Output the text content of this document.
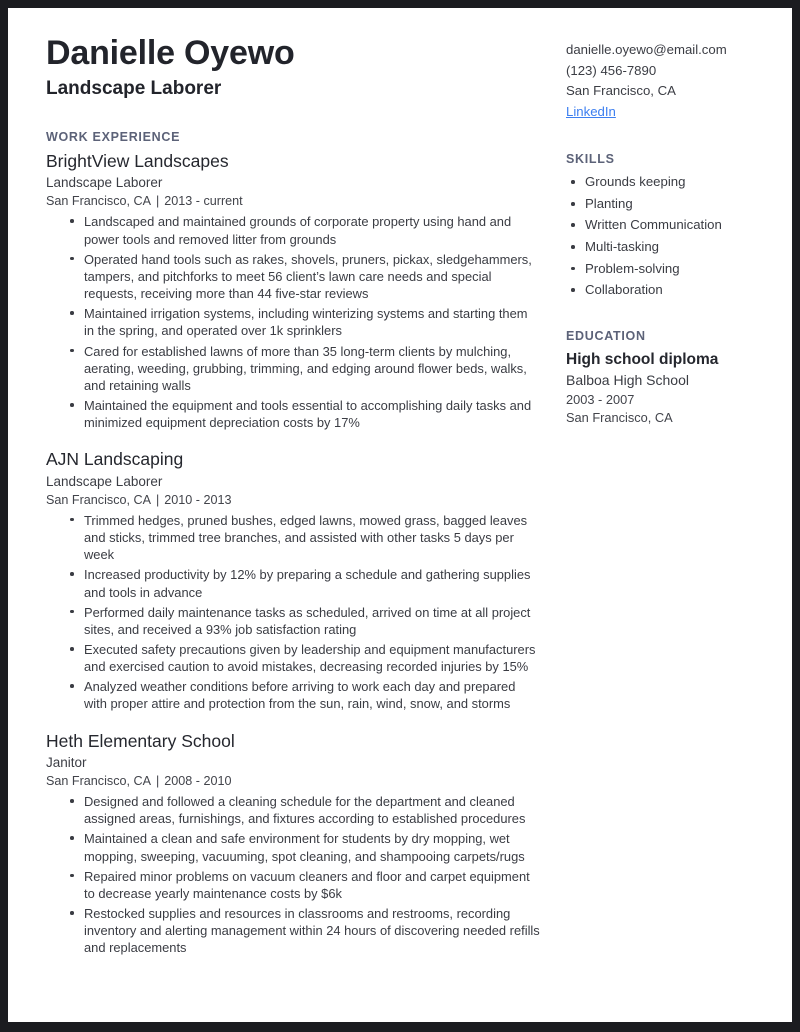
Danielle Oyewo
Landscape Laborer
WORK EXPERIENCE
BrightView Landscapes
Landscape Laborer
San Francisco, CA | 2013 - current
Landscaped and maintained grounds of corporate property using hand and power tools and removed litter from grounds
Operated hand tools such as rakes, shovels, pruners, pickax, sledgehammers, tampers, and pitchforks to meet 56 client’s lawn care needs and special requests, receiving more than 44 five-star reviews
Maintained irrigation systems, including winterizing systems and starting them in the spring, and operated over 1k sprinklers
Cared for established lawns of more than 35 long-term clients by mulching, aerating, weeding, grubbing, trimming, and edging around flower beds, walks, and retaining walls
Maintained the equipment and tools essential to accomplishing daily tasks and minimized equipment depreciation costs by 17%
AJN Landscaping
Landscape Laborer
San Francisco, CA | 2010 - 2013
Trimmed hedges, pruned bushes, edged lawns, mowed grass, bagged leaves and sticks, trimmed tree branches, and assisted with other tasks 5 days per week
Increased productivity by 12% by preparing a schedule and gathering supplies and tools in advance
Performed daily maintenance tasks as scheduled, arrived on time at all project sites, and received a 93% job satisfaction rating
Executed safety precautions given by leadership and equipment manufacturers and exercised caution to avoid mistakes, decreasing recorded injuries by 15%
Analyzed weather conditions before arriving to work each day and prepared with proper attire and protection from the sun, rain, wind, snow, and storms
Heth Elementary School
Janitor
San Francisco, CA | 2008 - 2010
Designed and followed a cleaning schedule for the department and cleaned assigned areas, furnishings, and fixtures according to established procedures
Maintained a clean and safe environment for students by dry mopping, wet mopping, sweeping, vacuuming, spot cleaning, and shampooing carpets/rugs
Repaired minor problems on vacuum cleaners and floor and carpet equipment to decrease yearly maintenance costs by $6k
Restocked supplies and resources in classrooms and restrooms, recording inventory and alerting management within 24 hours of discovering needed refills and replacements
danielle.oyewo@email.com
(123) 456-7890
San Francisco, CA
LinkedIn
SKILLS
Grounds keeping
Planting
Written Communication
Multi-tasking
Problem-solving
Collaboration
EDUCATION
High school diploma
Balboa High School
2003 - 2007
San Francisco, CA
